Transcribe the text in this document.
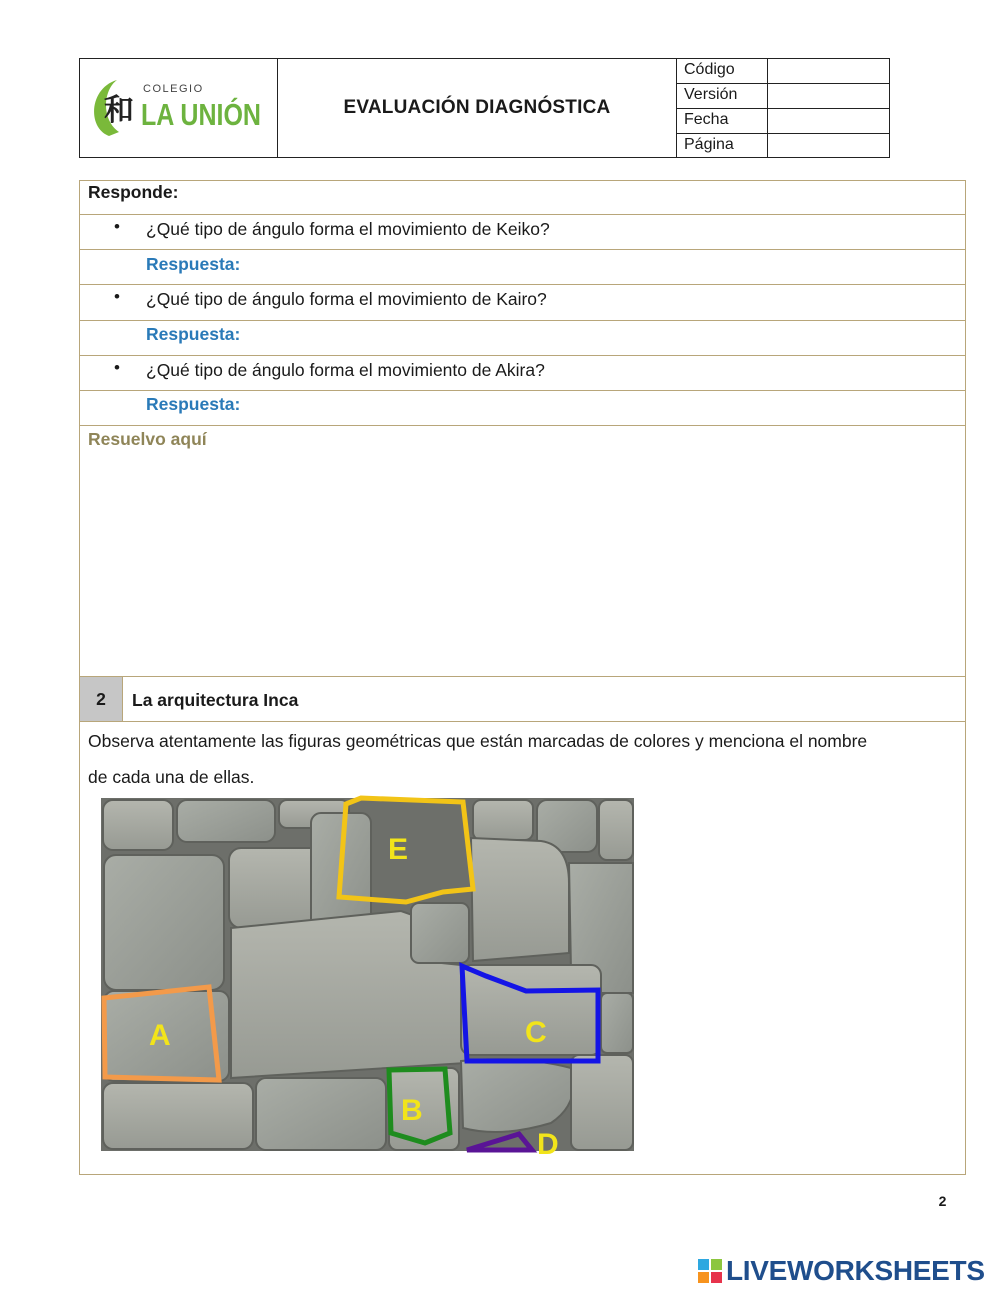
和
COLEGIO
LA UNIÓN	EVALUACIÓN DIAGNÓSTICA
Código
Versión
Fecha
Página
Responde:
• ¿Qué tipo de ángulo forma el movimiento de Keiko?
Respuesta:
• ¿Qué tipo de ángulo forma el movimiento de Kairo?
Respuesta:
• ¿Qué tipo de ángulo forma el movimiento de Akira?
Respuesta:
Resuelvo aquí
2	La arquitectura Inca
Observa atentamente las figuras geométricas que están marcadas de colores y menciona el nombre
de cada una de ellas.
E
A	C
B
D
2
LIVEWORKSHEETS
